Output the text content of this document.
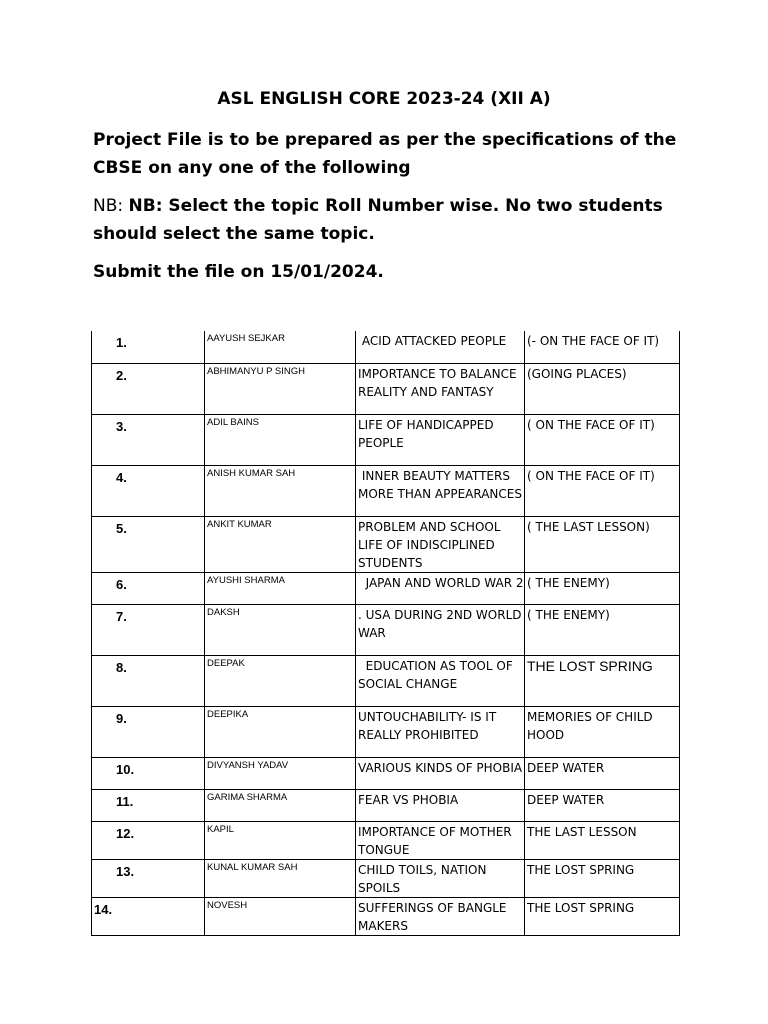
ASL ENGLISH CORE 2023-24 (XII A)
Project File is to be prepared as per the specifications of the CBSE on any one of the following
NB: NB: Select the topic Roll Number wise. No two students should select the same topic.
Submit the file on 15/01/2024.
1.	AAYUSH SEJKAR	ACID ATTACKED PEOPLE	(- ON THE FACE OF IT)
2.	ABHIMANYU P SINGH	IMPORTANCE TO BALANCE REALITY AND FANTASY	(GOING PLACES)
3.	ADIL BAINS	LIFE OF HANDICAPPED PEOPLE	( ON THE FACE OF IT)
4.	ANISH KUMAR SAH	INNER BEAUTY MATTERS MORE THAN APPEARANCES	( ON THE FACE OF IT)
5.	ANKIT KUMAR	PROBLEM AND SCHOOL LIFE OF INDISCIPLINED STUDENTS	( THE LAST LESSON)
6.	AYUSHI SHARMA	JAPAN AND WORLD WAR 2	( THE ENEMY)
7.	DAKSH	. USA DURING 2ND WORLD WAR	( THE ENEMY)
8.	DEEPAK	EDUCATION AS TOOL OF SOCIAL CHANGE	THE LOST SPRING
9.	DEEPIKA	UNTOUCHABILITY- IS IT REALLY PROHIBITED	MEMORIES OF CHILD HOOD
10.	DIVYANSH YADAV	VARIOUS KINDS OF PHOBIA	DEEP WATER
11.	GARIMA SHARMA	FEAR VS PHOBIA	DEEP WATER
12.	KAPIL	IMPORTANCE OF MOTHER TONGUE	THE LAST LESSON
13.	KUNAL KUMAR SAH	CHILD TOILS, NATION SPOILS	THE LOST SPRING
14.	NOVESH	SUFFERINGS OF BANGLE MAKERS	THE LOST SPRING
